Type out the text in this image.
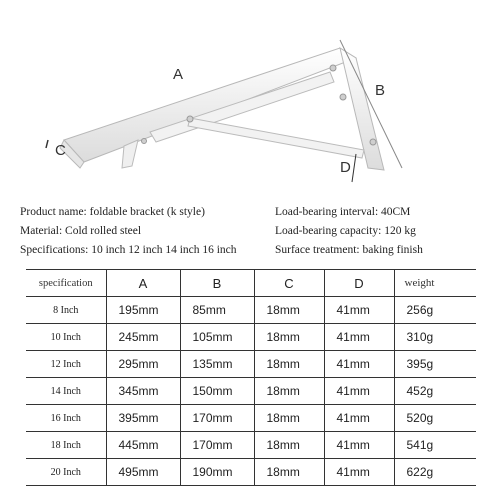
A
B
C
D
Product name: foldable bracket (k style)
Material: Cold rolled steel
Specifications: 10 inch 12 inch 14 inch 16 inch
Load-bearing interval: 40CM
Load-bearing capacity: 120 kg
Surface treatment: baking finish
specification	A	B	C	D	weight
8 Inch	195mm	85mm	18mm	41mm	256g
10 Inch	245mm	105mm	18mm	41mm	310g
12 Inch	295mm	135mm	18mm	41mm	395g
14 Inch	345mm	150mm	18mm	41mm	452g
16 Inch	395mm	170mm	18mm	41mm	520g
18 Inch	445mm	170mm	18mm	41mm	541g
20 Inch	495mm	190mm	18mm	41mm	622g
